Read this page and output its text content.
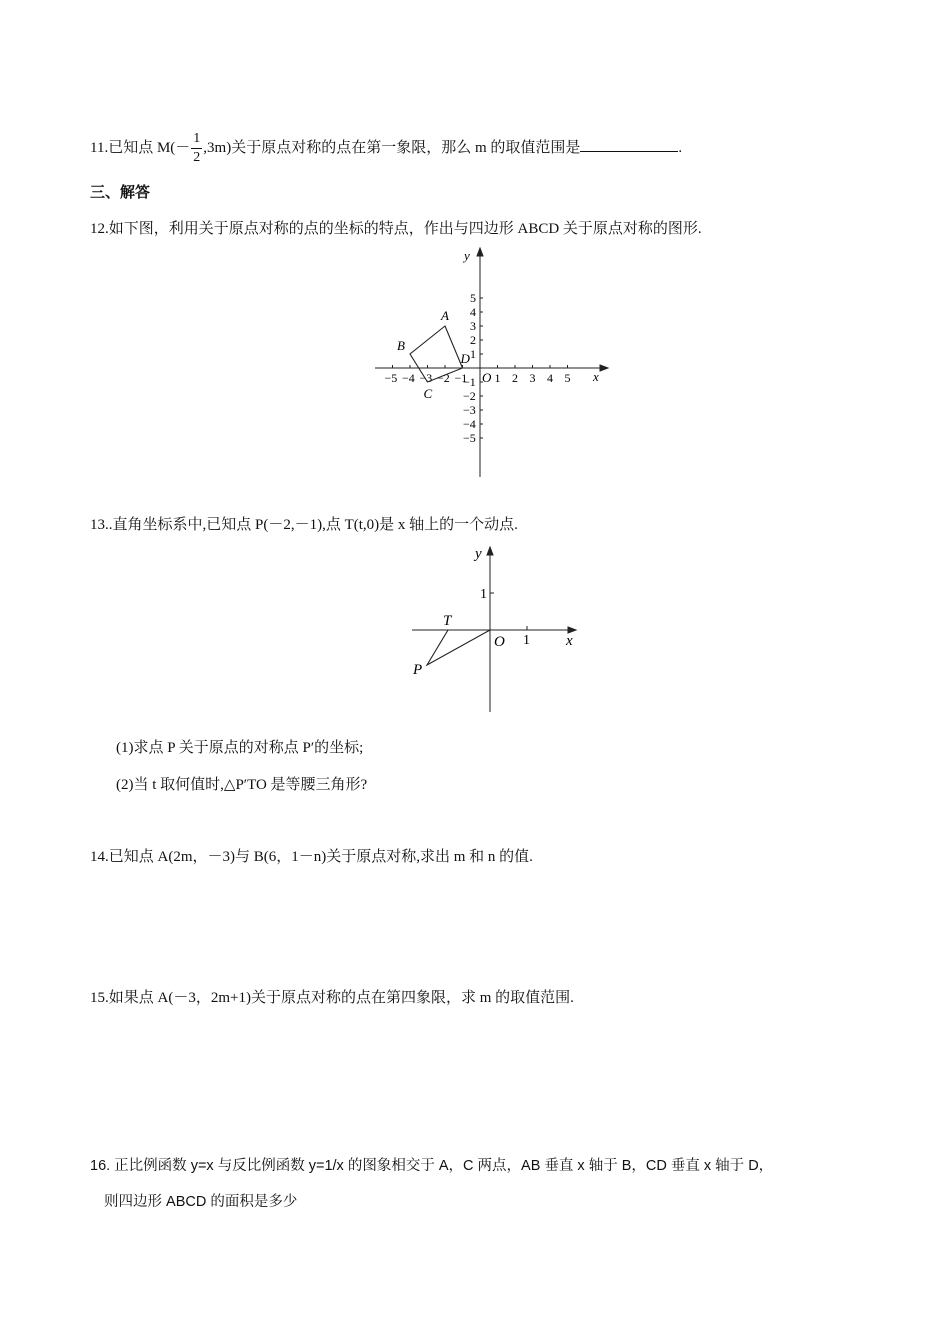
11.已知点 $M(- \frac{1}{2} ,3m)$关于原点对称的点在第一象限，那么 m 的取值范围是	.
三、解答
12.如下图，利用关于原点对称的点的坐标的特点，作出与四边形 ABCD 关于原点对称的图形.
−5 −4 −3 −2 −1 1 2 3 4 5
5
4
3
2
1
−1
−2
−3
−4
−5
A
B
C
D
x
y
O
13..直角坐标系中,已知点 P(－2,－1),点 T(t,0)是 x 轴上的一个动点.
x
y
O 1
1
P
T
(1)求点 P 关于原点的对称点 P′的坐标;
(2)当 t 取何值时,△P′TO 是等腰三角形?
14.已知点 A(2m，－3)与 B(6，1－n)关于原点对称,求出 m 和 n 的值.
15.如果点 A(－3，2m+1)关于原点对称的点在第四象限，求 m 的取值范围.
16. 正比例函数 y=x 与反比例函数 y=1/x 的图象相交于 A，C 两点，AB 垂直 x 轴于 B，CD 垂直 x 轴于 D，
则四边形 ABCD 的面积是多少
